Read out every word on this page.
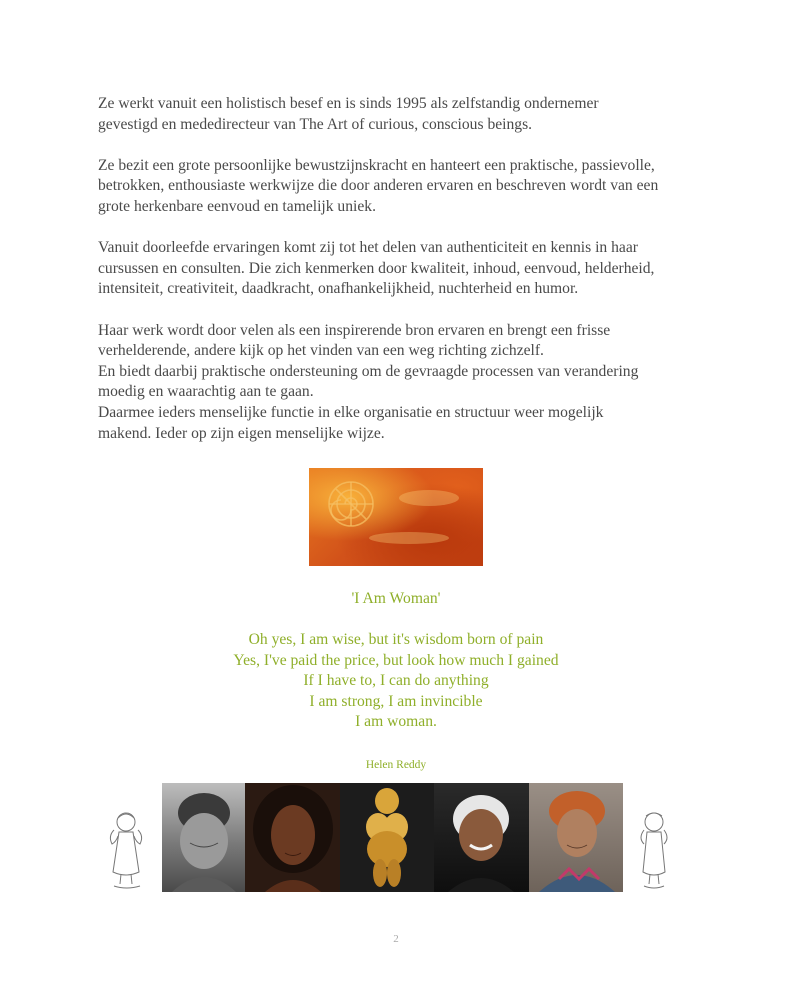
Ze werkt vanuit een holistisch besef en is sinds 1995 als zelfstandig ondernemer
gevestigd en mededirecteur van The Art of curious, conscious beings.

Ze bezit een grote persoonlijke bewustzijnskracht en hanteert een praktische, passievolle,
betrokken, enthousiaste werkwijze die door anderen ervaren en beschreven wordt van een
grote herkenbare eenvoud en tamelijk uniek.

Vanuit doorleefde ervaringen komt zij tot het delen van authenticiteit en kennis in haar
cursussen en consulten. Die zich kenmerken door kwaliteit, inhoud, eenvoud, helderheid,
intensiteit, creativiteit, daadkracht, onafhankelijkheid, nuchterheid en humor.

Haar werk wordt door velen als een inspirerende bron ervaren en brengt een frisse
verhelderende, andere kijk op het vinden van een weg richting zichzelf.
En biedt daarbij praktische ondersteuning om de gevraagde processen van verandering
moedig en waarachtig aan te gaan.
Daarmee ieders menselijke functie in elke organisatie en structuur weer mogelijk
makend. Ieder op zijn eigen menselijke wijze.

'I Am Woman'
Oh yes, I am wise, but it's wisdom born of pain
Yes, I've paid the price, but look how much I gained
If I have to, I can do anything
I am strong, I am invincible
I am woman.
Helen Reddy
2
